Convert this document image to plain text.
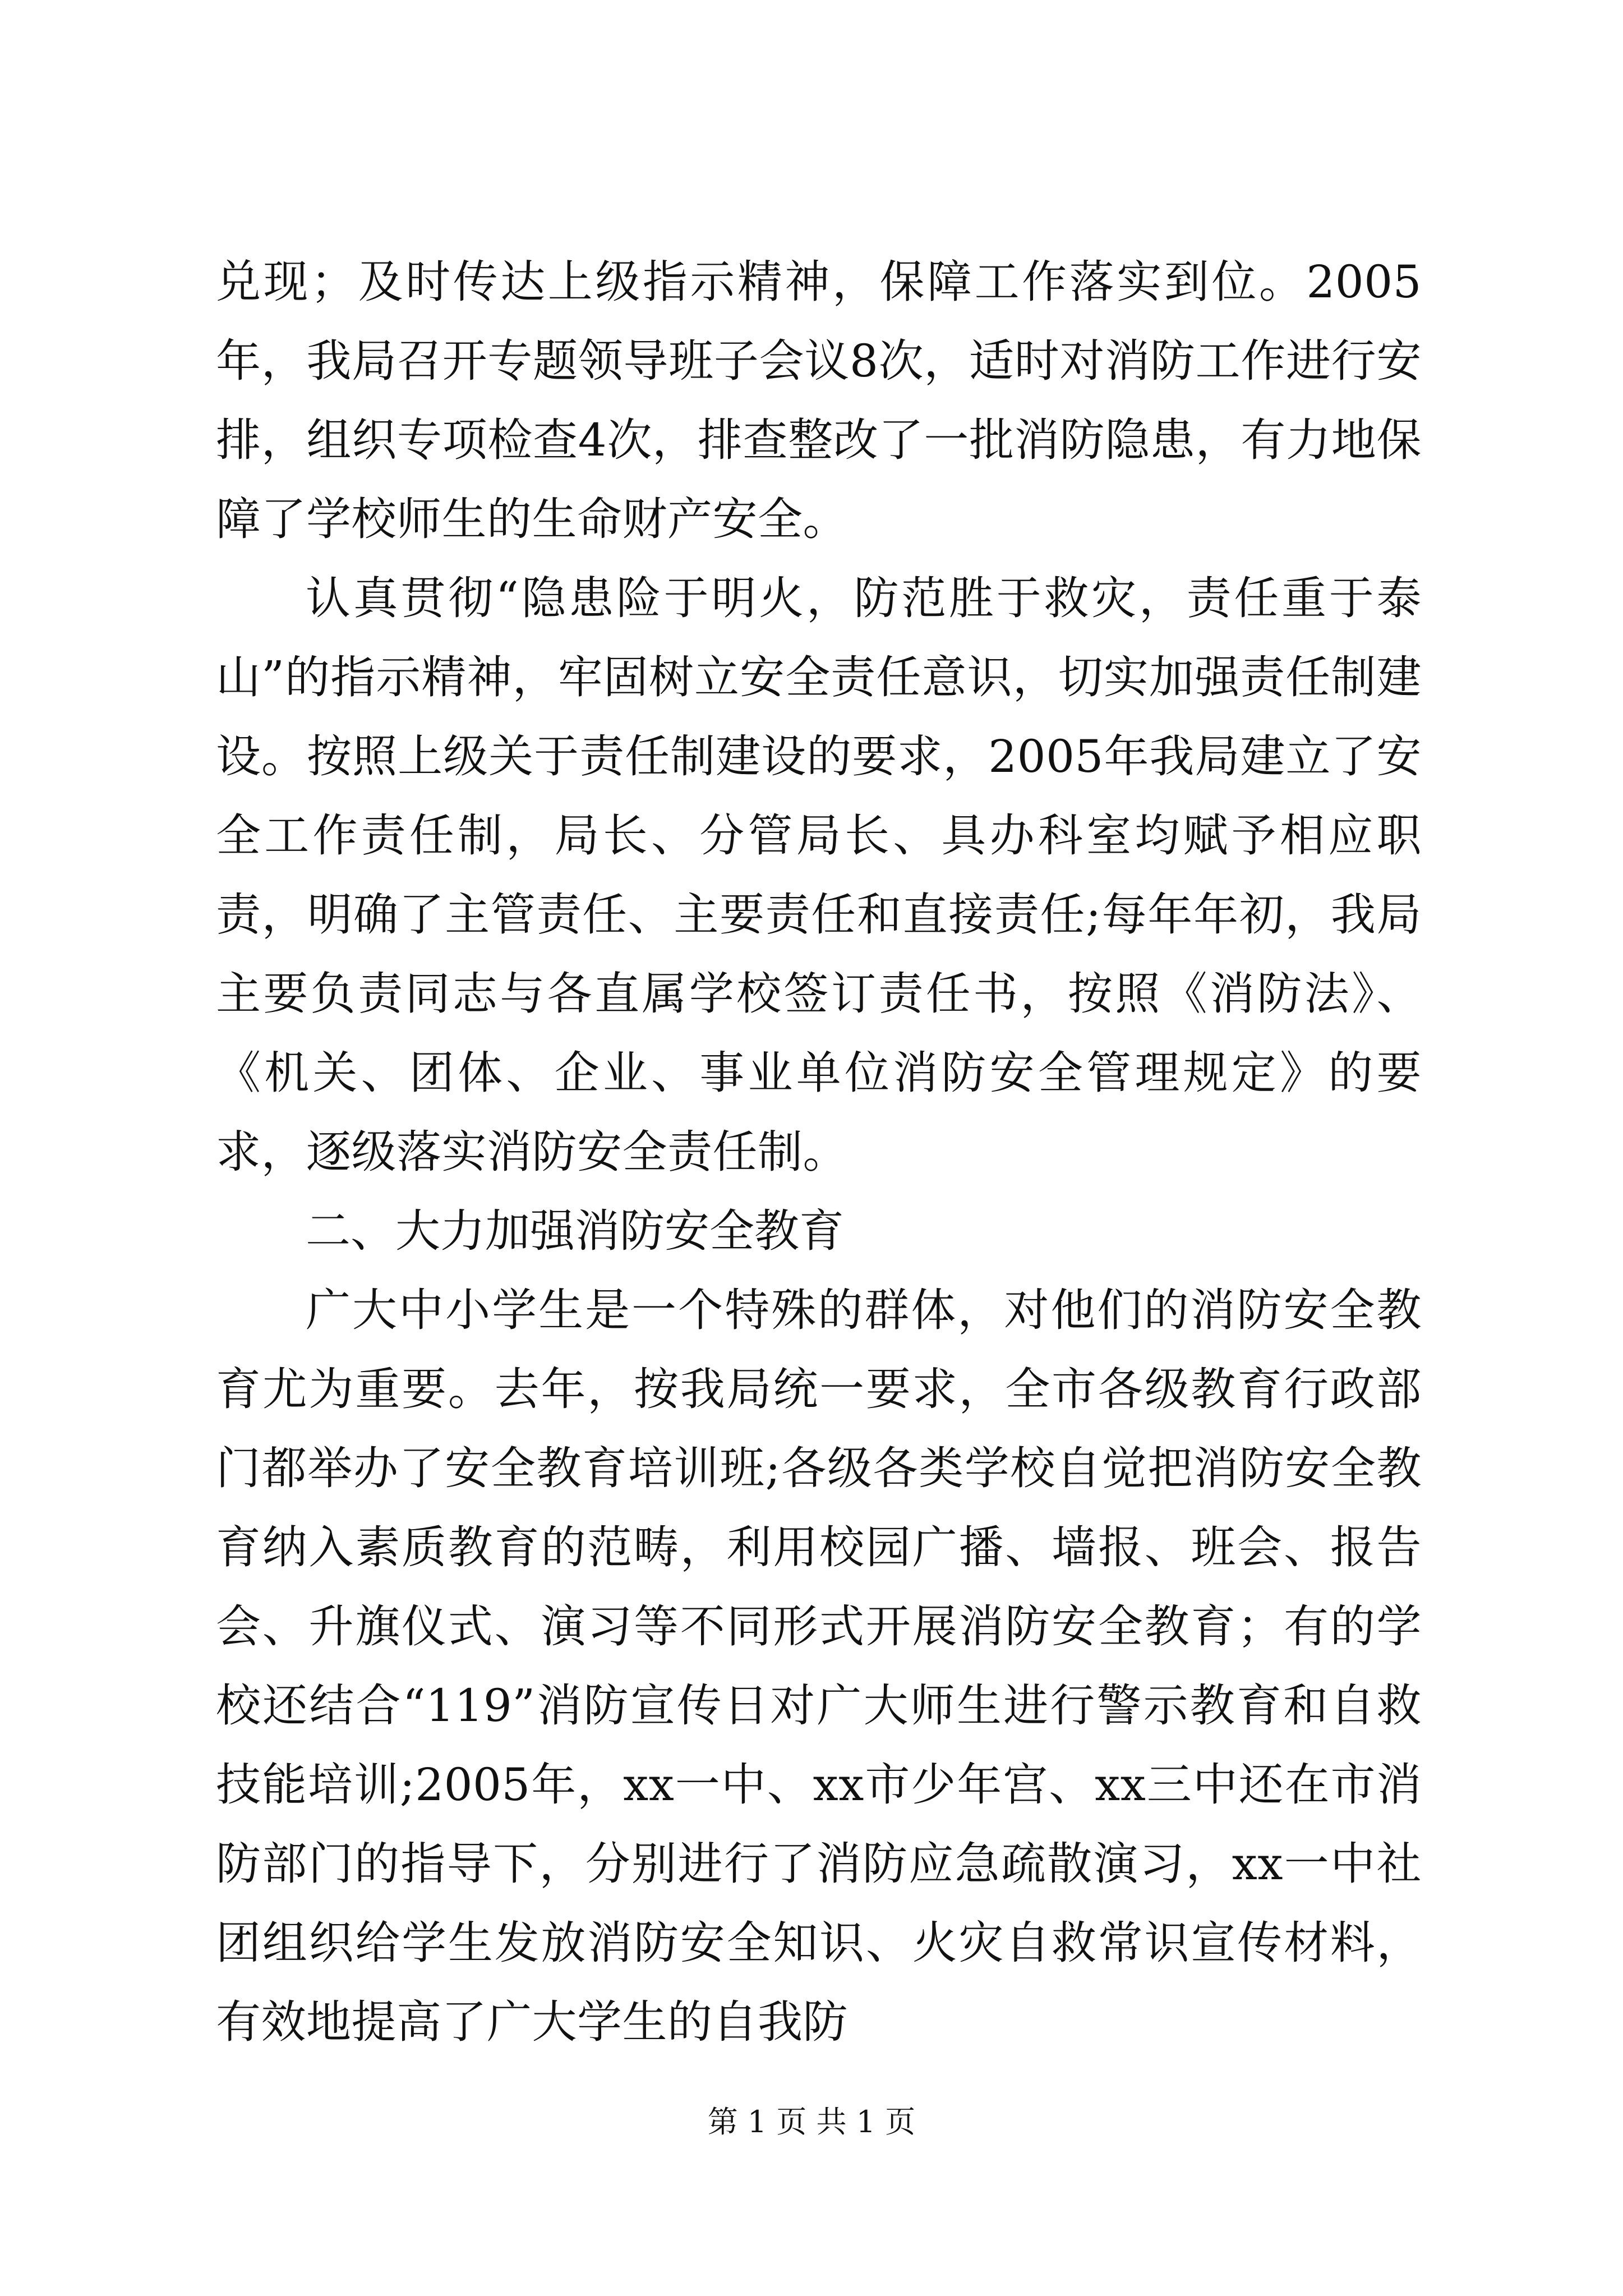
兑现；及时传达上级指示精神，保障工作落实到位。2005年，我局召开专题领导班子会议8次，适时对消防工作进行安排，组织专项检查4次，排查整改了一批消防隐患，有力地保障了学校师生的生命财产安全。

认真贯彻“隐患险于明火，防范胜于救灾，责任重于泰山”的指示精神，牢固树立安全责任意识，切实加强责任制建设。按照上级关于责任制建设的要求，2005年我局建立了安全工作责任制，局长、分管局长、具办科室均赋予相应职责，明确了主管责任、主要责任和直接责任;每年年初，我局主要负责同志与各直属学校签订责任书，按照《消防法》、《机关、团体、企业、事业单位消防安全管理规定》的要求，逐级落实消防安全责任制。

二、大力加强消防安全教育

广大中小学生是一个特殊的群体，对他们的消防安全教育尤为重要。去年，按我局统一要求，全市各级教育行政部门都举办了安全教育培训班;各级各类学校自觉把消防安全教育纳入素质教育的范畴，利用校园广播、墙报、班会、报告会、升旗仪式、演习等不同形式开展消防安全教育；有的学校还结合“119”消防宣传日对广大师生进行警示教育和自救技能培训;2005年，xx一中、xx市少年宫、xx三中还在市消防部门的指导下，分别进行了消防应急疏散演习，xx一中社团组织给学生发放消防安全知识、火灾自救常识宣传材料，有效地提高了广大学生的自我防

第 1 页 共 1 页
